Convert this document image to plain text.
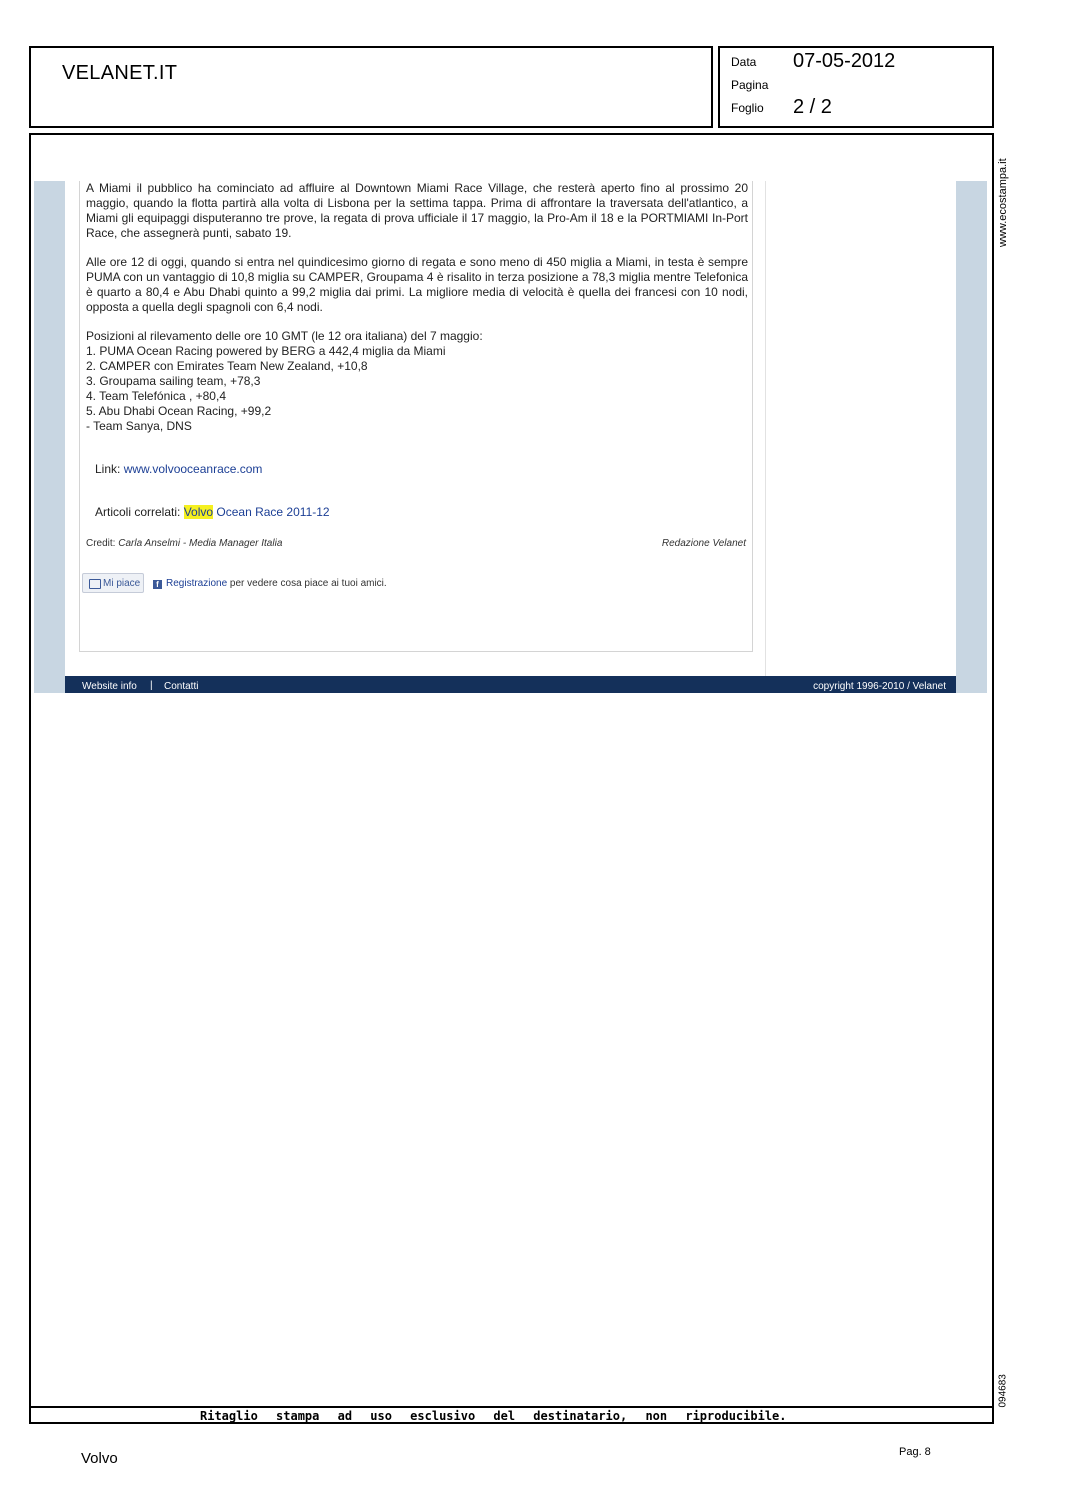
VELANET.IT	Data 07-05-2012
Pagina
Foglio 2 / 2
www.ecostampa.it
094683

A Miami il pubblico ha cominciato ad affluire al Downtown Miami Race Village, che resterà aperto fino al prossimo 20 maggio, quando la flotta partirà alla volta di Lisbona per la settima tappa. Prima di affrontare la traversata dell'atlantico, a Miami gli equipaggi disputeranno tre prove, la regata di prova ufficiale il 17 maggio, la Pro-Am il 18 e la PORTMIAMI In-Port Race, che assegnerà punti, sabato 19.

Alle ore 12 di oggi, quando si entra nel quindicesimo giorno di regata e sono meno di 450 miglia a Miami, in testa è sempre PUMA con un vantaggio di 10,8 miglia su CAMPER, Groupama 4 è risalito in terza posizione a 78,3 miglia mentre Telefonica è quarto a 80,4 e Abu Dhabi quinto a 99,2 miglia dai primi. La migliore media di velocità è quella dei francesi con 10 nodi, opposta a quella degli spagnoli con 6,4 nodi.

Posizioni al rilevamento delle ore 10 GMT (le 12 ora italiana) del 7 maggio:
1. PUMA Ocean Racing powered by BERG a 442,4 miglia da Miami
2. CAMPER con Emirates Team New Zealand, +10,8
3. Groupama sailing team, +78,3
4. Team Telefónica , +80,4
5. Abu Dhabi Ocean Racing, +99,2
- Team Sanya, DNS
Link: www.volvooceanrace.com
Articoli correlati: Volvo Ocean Race 2011-12
Credit: Carla Anselmi - Media Manager Italia	Redazione Velanet
Mi piace	f Registrazione per vedere cosa piace ai tuoi amici.
Website info | Contatti	copyright 1996-2010 / Velanet
Ritaglio stampa ad uso esclusivo del destinatario, non riproducibile.
Volvo	Pag. 8
